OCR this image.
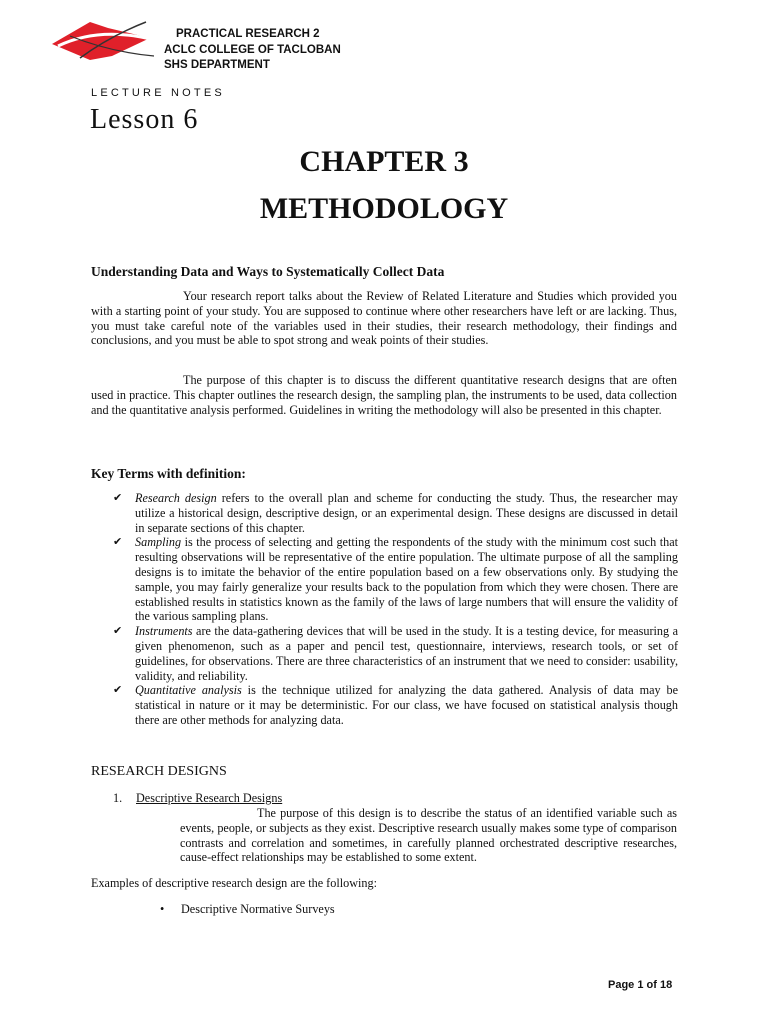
PRACTICAL RESEARCH 2
ACLC COLLEGE OF TACLOBAN
SHS DEPARTMENT
LECTURE NOTES
Lesson 6
CHAPTER 3
METHODOLOGY
Understanding Data and Ways to Systematically Collect Data

Your research report talks about the Review of Related Literature and Studies which provided you with a starting point of your study. You are supposed to continue where other researchers have left or are lacking. Thus, you must take careful note of the variables used in their studies, their research methodology, their findings and conclusions, and you must be able to spot strong and weak points of their studies.

The purpose of this chapter is to discuss the different quantitative research designs that are often used in practice. This chapter outlines the research design, the sampling plan, the instruments to be used, data collection and the quantitative analysis performed. Guidelines in writing the methodology will also be presented in this chapter.

Key Terms with definition:
✔ Research design refers to the overall plan and scheme for conducting the study. Thus, the researcher may utilize a historical design, descriptive design, or an experimental design. These designs are discussed in detail in separate sections of this chapter.
✔ Sampling is the process of selecting and getting the respondents of the study with the minimum cost such that resulting observations will be representative of the entire population. The ultimate purpose of all the sampling designs is to imitate the behavior of the entire population based on a few observations only. By studying the sample, you may fairly generalize your results back to the population from which they were chosen. There are established results in statistics known as the family of the laws of large numbers that will ensure the validity of the various sampling plans.
✔ Instruments are the data-gathering devices that will be used in the study. It is a testing device, for measuring a given phenomenon, such as a paper and pencil test, questionnaire, interviews, research tools, or set of guidelines, for observations. There are three characteristics of an instrument that we need to consider: usability, validity, and reliability.
✔ Quantitative analysis is the technique utilized for analyzing the data gathered. Analysis of data may be statistical in nature or it may be deterministic. For our class, we have focused on statistical analysis though there are other methods for analyzing data.
RESEARCH DESIGNS
1. Descriptive Research Designs

The purpose of this design is to describe the status of an identified variable such as events, people, or subjects as they exist. Descriptive research usually makes some type of comparison contrasts and correlation and sometimes, in carefully planned orchestrated descriptive researches, cause-effect relationships may be established to some extent.

Examples of descriptive research design are the following:
• Descriptive Normative Surveys
Page 1 of 18
